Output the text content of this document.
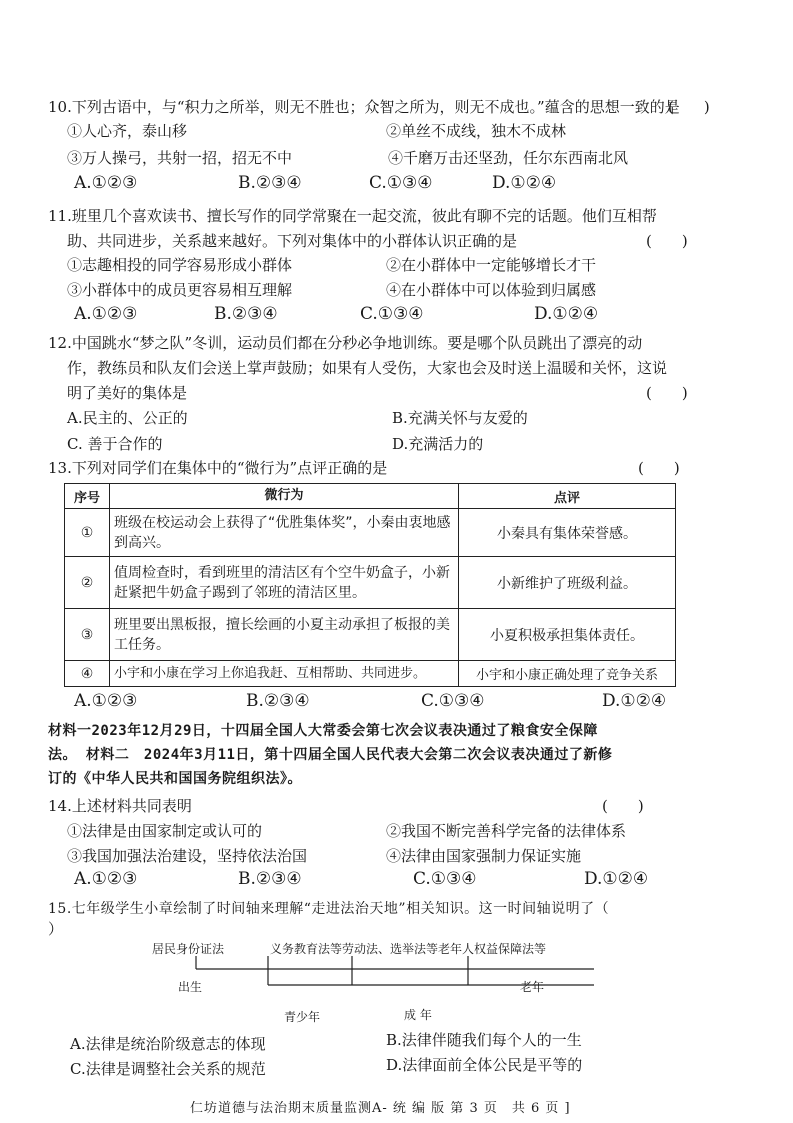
10.下列古语中，与“积力之所举，则无不胜也；众智之所为，则无不成也。”蕴含的思想一致的是
(　　)
①人心齐，泰山移	②单丝不成线，独木不成林
③万人操弓，共射一招，招无不中	④千磨万击还坚劲，任尔东西南北风
A.①②③	B.②③④	C.①③④	D.①②④
11.班里几个喜欢读书、擅长写作的同学常聚在一起交流，彼此有聊不完的话题。他们互相帮
助、共同进步，关系越来越好。下列对集体中的小群体认识正确的是	(　　)
①志趣相投的同学容易形成小群体	②在小群体中一定能够增长才干
③小群体中的成员更容易相互理解	④在小群体中可以体验到归属感
A.①②③	B.②③④	C.①③④	D.①②④
12.中国跳水“梦之队”冬训，运动员们都在分秒必争地训练。要是哪个队员跳出了漂亮的动
作，教练员和队友们会送上掌声鼓励；如果有人受伤，大家也会及时送上温暖和关怀，这说
明了美好的集体是	(　　)
A.民主的、公正的	B.充满关怀与友爱的
C. 善于合作的	D.充满活力的
13.下列对同学们在集体中的“微行为”点评正确的是	(　　)
序号	微行为	点评
①	班级在校运动会上获得了“优胜集体奖”，小秦由衷地感到高兴。	小秦具有集体荣誉感。
②	值周检查时，看到班里的清洁区有个空牛奶盒子，小新赶紧把牛奶盒子踢到了邻班的清洁区里。	小新维护了班级利益。
③	班里要出黑板报，擅长绘画的小夏主动承担了板报的美工任务。	小夏积极承担集体责任。
④	小宇和小康在学习上你追我赶、互相帮助、共同进步。	小宇和小康正确处理了竞争关系
A.①②③	B.②③④	C.①③④	D.①②④
材料一2023年12月29日，十四届全国人大常委会第七次会议表决通过了粮食安全保障
法。 材料二　2024年3月11日，第十四届全国人民代表大会第二次会议表决通过了新修
订的《中华人民共和国国务院组织法》。
14.上述材料共同表明	(　　)
①法律是由国家制定或认可的	②我国不断完善科学完备的法律体系
③我国加强法治建设，坚持依法治国	④法律由国家强制力保证实施
A.①②③	B.②③④	C.①③④	D.①②④
15.七年级学生小章绘制了时间轴来理解“走进法治天地”相关知识。这一时间轴说明了（
）
居民身份证法	义务教育法等劳动法、选举法等老年人权益保障法等
出生
青少年	成 年
老年
A.法律是统治阶级意志的体现	B.法律伴随我们每个人的一生
C.法律是调整社会关系的规范	D.法律面前全体公民是平等的
仁坊道德与法治期末质量监测A- 统 编 版 第 3 页　共 6 页 ]
